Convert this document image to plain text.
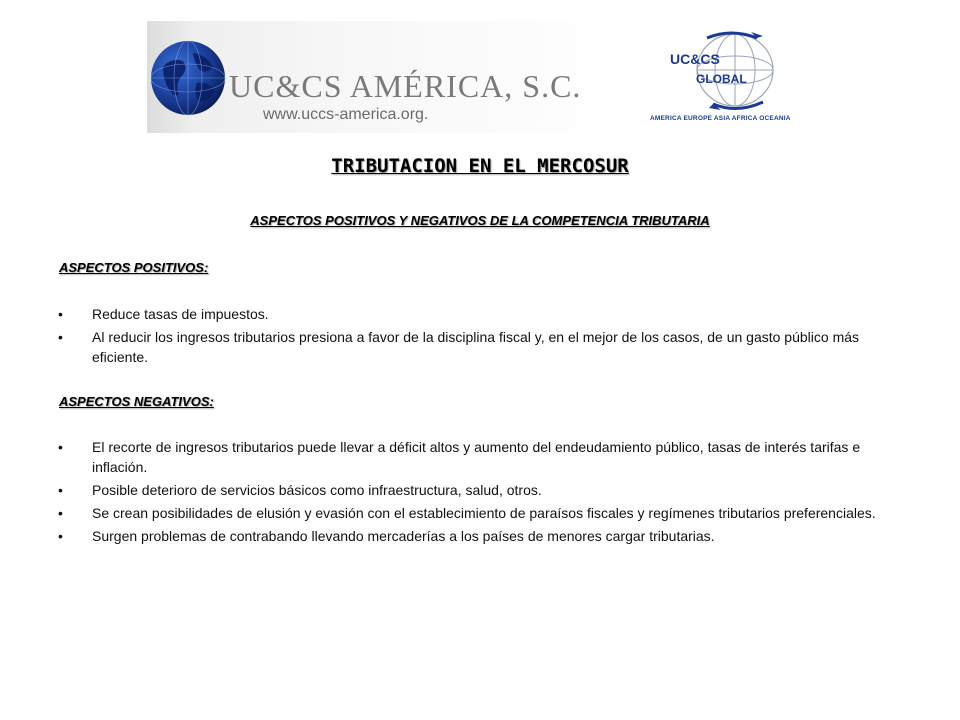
UC&CS AMÉRICA, S.C.
www.uccs-america.org.
UC&CS
GLOBAL
AMERICA EUROPE ASIA AFRICA OCEANIA
TRIBUTACION EN EL MERCOSUR
ASPECTOS POSITIVOS Y NEGATIVOS DE LA COMPETENCIA TRIBUTARIA
ASPECTOS POSITIVOS:
• Reduce tasas de impuestos.
• Al reducir los ingresos tributarios presiona a favor de la disciplina fiscal y, en el mejor de los casos, de un gasto público más eficiente.
ASPECTOS NEGATIVOS:
• El recorte de ingresos tributarios puede llevar a déficit altos y aumento del endeudamiento público, tasas de interés tarifas e inflación.
• Posible deterioro de servicios básicos como infraestructura, salud, otros.
• Se crean posibilidades de elusión y evasión con el establecimiento de paraísos fiscales y regímenes tributarios preferenciales.
• Surgen problemas de contrabando llevando mercaderías a los países de menores cargar tributarias.
